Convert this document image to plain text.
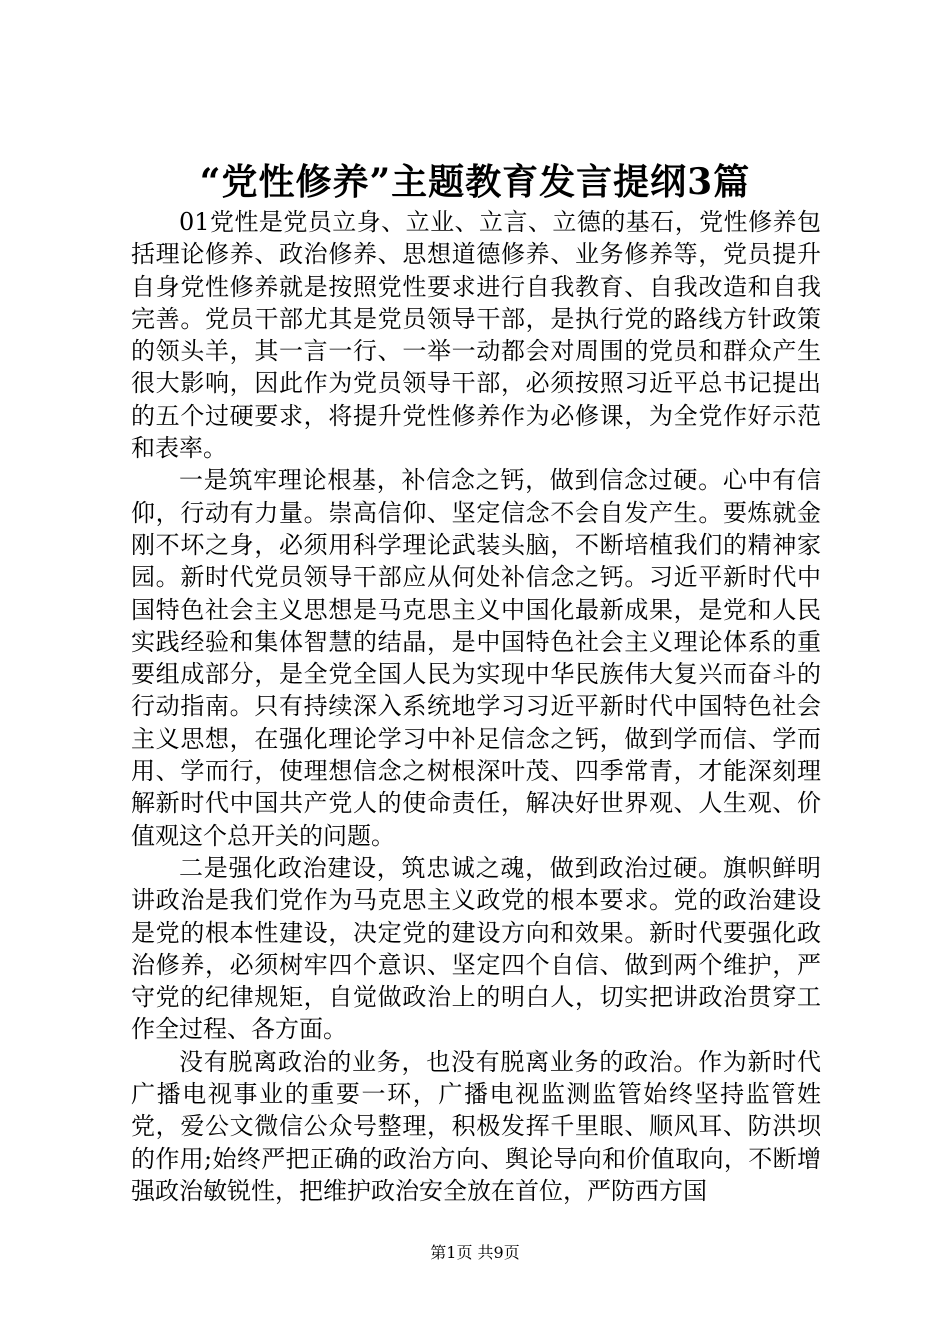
“党性修养”主题教育发言提纲3篇

01党性是党员立身、立业、立言、立德的基石，党性修养包括理论修养、政治修养、思想道德修养、业务修养等，党员提升自身党性修养就是按照党性要求进行自我教育、自我改造和自我完善。党员干部尤其是党员领导干部，是执行党的路线方针政策的领头羊，其一言一行、一举一动都会对周围的党员和群众产生很大影响，因此作为党员领导干部，必须按照习近平总书记提出的五个过硬要求，将提升党性修养作为必修课，为全党作好示范和表率。

一是筑牢理论根基，补信念之钙，做到信念过硬。心中有信仰，行动有力量。崇高信仰、坚定信念不会自发产生。要炼就金刚不坏之身，必须用科学理论武装头脑，不断培植我们的精神家园。新时代党员领导干部应从何处补信念之钙。习近平新时代中国特色社会主义思想是马克思主义中国化最新成果，是党和人民实践经验和集体智慧的结晶，是中国特色社会主义理论体系的重要组成部分，是全党全国人民为实现中华民族伟大复兴而奋斗的行动指南。只有持续深入系统地学习习近平新时代中国特色社会主义思想，在强化理论学习中补足信念之钙，做到学而信、学而用、学而行，使理想信念之树根深叶茂、四季常青，才能深刻理解新时代中国共产党人的使命责任，解决好世界观、人生观、价值观这个总开关的问题。

二是强化政治建设，筑忠诚之魂，做到政治过硬。旗帜鲜明讲政治是我们党作为马克思主义政党的根本要求。党的政治建设是党的根本性建设，决定党的建设方向和效果。新时代要强化政治修养，必须树牢四个意识、坚定四个自信、做到两个维护，严守党的纪律规矩，自觉做政治上的明白人，切实把讲政治贯穿工作全过程、各方面。

没有脱离政治的业务，也没有脱离业务的政治。作为新时代广播电视事业的重要一环，广播电视监测监管始终坚持监管姓党，爱公文微信公众号整理，积极发挥千里眼、顺风耳、防洪坝的作用;始终严把正确的政治方向、舆论导向和价值取向，不断增强政治敏锐性，把维护政治安全放在首位，严防西方国

第1页 共9页
